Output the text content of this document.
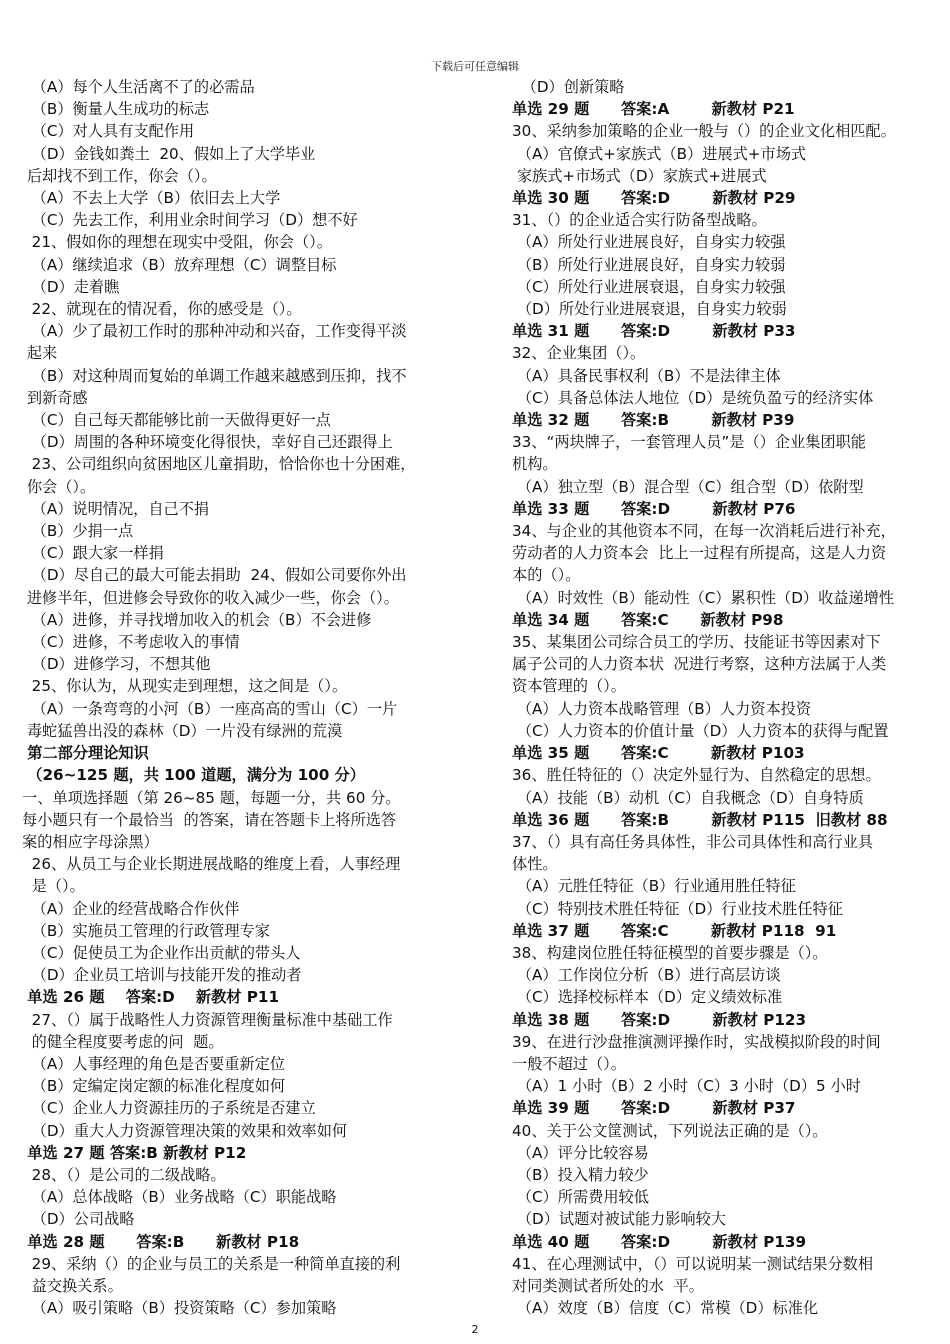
下载后可任意编辑
（A）每个人生活离不了的必需品
（B）衡量人生成功的标志
（C）对人具有支配作用
（D）金钱如粪土  20、假如上了大学毕业
后却找不到工作，你会（）。
（A）不去上大学（B）依旧去上大学
（C）先去工作，利用业余时间学习（D）想不好
21、假如你的理想在现实中受阻，你会（）。
（A）继续追求（B）放弃理想（C）调整目标
（D）走着瞧
22、就现在的情况看，你的感受是（）。
（A）少了最初工作时的那种冲动和兴奋，工作变得平淡
起来
（B）对这种周而复始的单调工作越来越感到压抑，找不
到新奇感
（C）自己每天都能够比前一天做得更好一点
（D）周围的各种环境变化得很快，幸好自己还跟得上
23、公司组织向贫困地区儿童捐助，恰恰你也十分困难，
你会（）。
（A）说明情况，自己不捐
（B）少捐一点
（C）跟大家一样捐
（D）尽自己的最大可能去捐助  24、假如公司要你外出
进修半年，但进修会导致你的收入减少一些，你会（）。
（A）进修，并寻找增加收入的机会（B）不会进修
（C）进修，不考虑收入的事情
（D）进修学习，不想其他
25、你认为，从现实走到理想，这之间是（）。
（A）一条弯弯的小河（B）一座高高的雪山（C）一片
毒蛇猛兽出没的森林（D）一片没有绿洲的荒漠
第二部分理论知识
（26~125 题，共 100 道题，满分为 100 分）
一、单项选择题（第 26~85 题，每题一分，共 60 分。
每小题只有一个最恰当  的答案，请在答题卡上将所选答
案的相应字母涂黑）
26、从员工与企业长期进展战略的维度上看，人事经理
是（）。
（A）企业的经营战略合作伙伴
（B）实施员工管理的行政管理专家
（C）促使员工为企业作出贡献的带头人
（D）企业员工培训与技能开发的推动者
单选 26 题    答案:D    新教材 P11
27、（）属于战略性人力资源管理衡量标准中基础工作
的健全程度要考虑的问  题。
（A）人事经理的角色是否要重新定位
（B）定编定岗定额的标准化程度如何
（C）企业人力资源挂历的子系统是否建立
（D）重大人力资源管理决策的效果和效率如何
单选 27 题 答案:B 新教材 P12
28、（）是公司的二级战略。
（A）总体战略（B）业务战略（C）职能战略
（D）公司战略
单选 28 题      答案:B      新教材 P18
29、采纳（）的企业与员工的关系是一种简单直接的利
益交换关系。
（A）吸引策略（B）投资策略（C）参加策略
（D）创新策略
单选 29 题      答案:A        新教材 P21
30、采纳参加策略的企业一般与（）的企业文化相匹配。
（A）官僚式+家族式（B）进展式+市场式
家族式+市场式（D）家族式+进展式
单选 30 题      答案:D        新教材 P29
31、（）的企业适合实行防备型战略。
（A）所处行业进展良好，自身实力较强
（B）所处行业进展良好，自身实力较弱
（C）所处行业进展衰退，自身实力较强
（D）所处行业进展衰退，自身实力较弱
单选 31 题      答案:D        新教材 P33
32、企业集团（）。
（A）具备民事权利（B）不是法律主体
（C）具备总体法人地位（D）是统负盈亏的经济实体
单选 32 题      答案:B        新教材 P39
33、“两块牌子，一套管理人员”是（）企业集团职能
机构。
（A）独立型（B）混合型（C）组合型（D）依附型
单选 33 题      答案:D        新教材 P76
34、与企业的其他资本不同，在每一次消耗后进行补充，
劳动者的人力资本会  比上一过程有所提高，这是人力资
本的（）。
（A）时效性（B）能动性（C）累积性（D）收益递增性
单选 34 题      答案:C      新教材 P98
35、某集团公司综合员工的学历、技能证书等因素对下
属子公司的人力资本状  况进行考察，这种方法属于人类
资本管理的（）。
（A）人力资本战略管理（B）人力资本投资
（C）人力资本的价值计量（D）人力资本的获得与配置
单选 35 题      答案:C        新教材 P103
36、胜任特征的（）决定外显行为、自然稳定的思想。
（A）技能（B）动机（C）自我概念（D）自身特质
单选 36 题      答案:B        新教材 P115  旧教材 88
37、（）具有高任务具体性，非公司具体性和高行业具
体性。
（A）元胜任特征（B）行业通用胜任特征
（C）特别技术胜任特征（D）行业技术胜任特征
单选 37 题      答案:C        新教材 P118  91
38、构建岗位胜任特征模型的首要步骤是（）。
（A）工作岗位分析（B）进行高层访谈
（C）选择校标样本（D）定义绩效标准
单选 38 题      答案:D        新教材 P123
39、在进行沙盘推演测评操作时，实战模拟阶段的时间
一般不超过（）。
（A）1 小时（B）2 小时（C）3 小时（D）5 小时
单选 39 题      答案:D        新教材 P37
40、关于公文筐测试，下列说法正确的是（）。
（A）评分比较容易
（B）投入精力较少
（C）所需费用较低
（D）试题对被试能力影响较大
单选 40 题      答案:D        新教材 P139
41、在心理测试中，（）可以说明某一测试结果分数相
对同类测试者所处的水  平。
（A）效度（B）信度（C）常模（D）标准化
2
